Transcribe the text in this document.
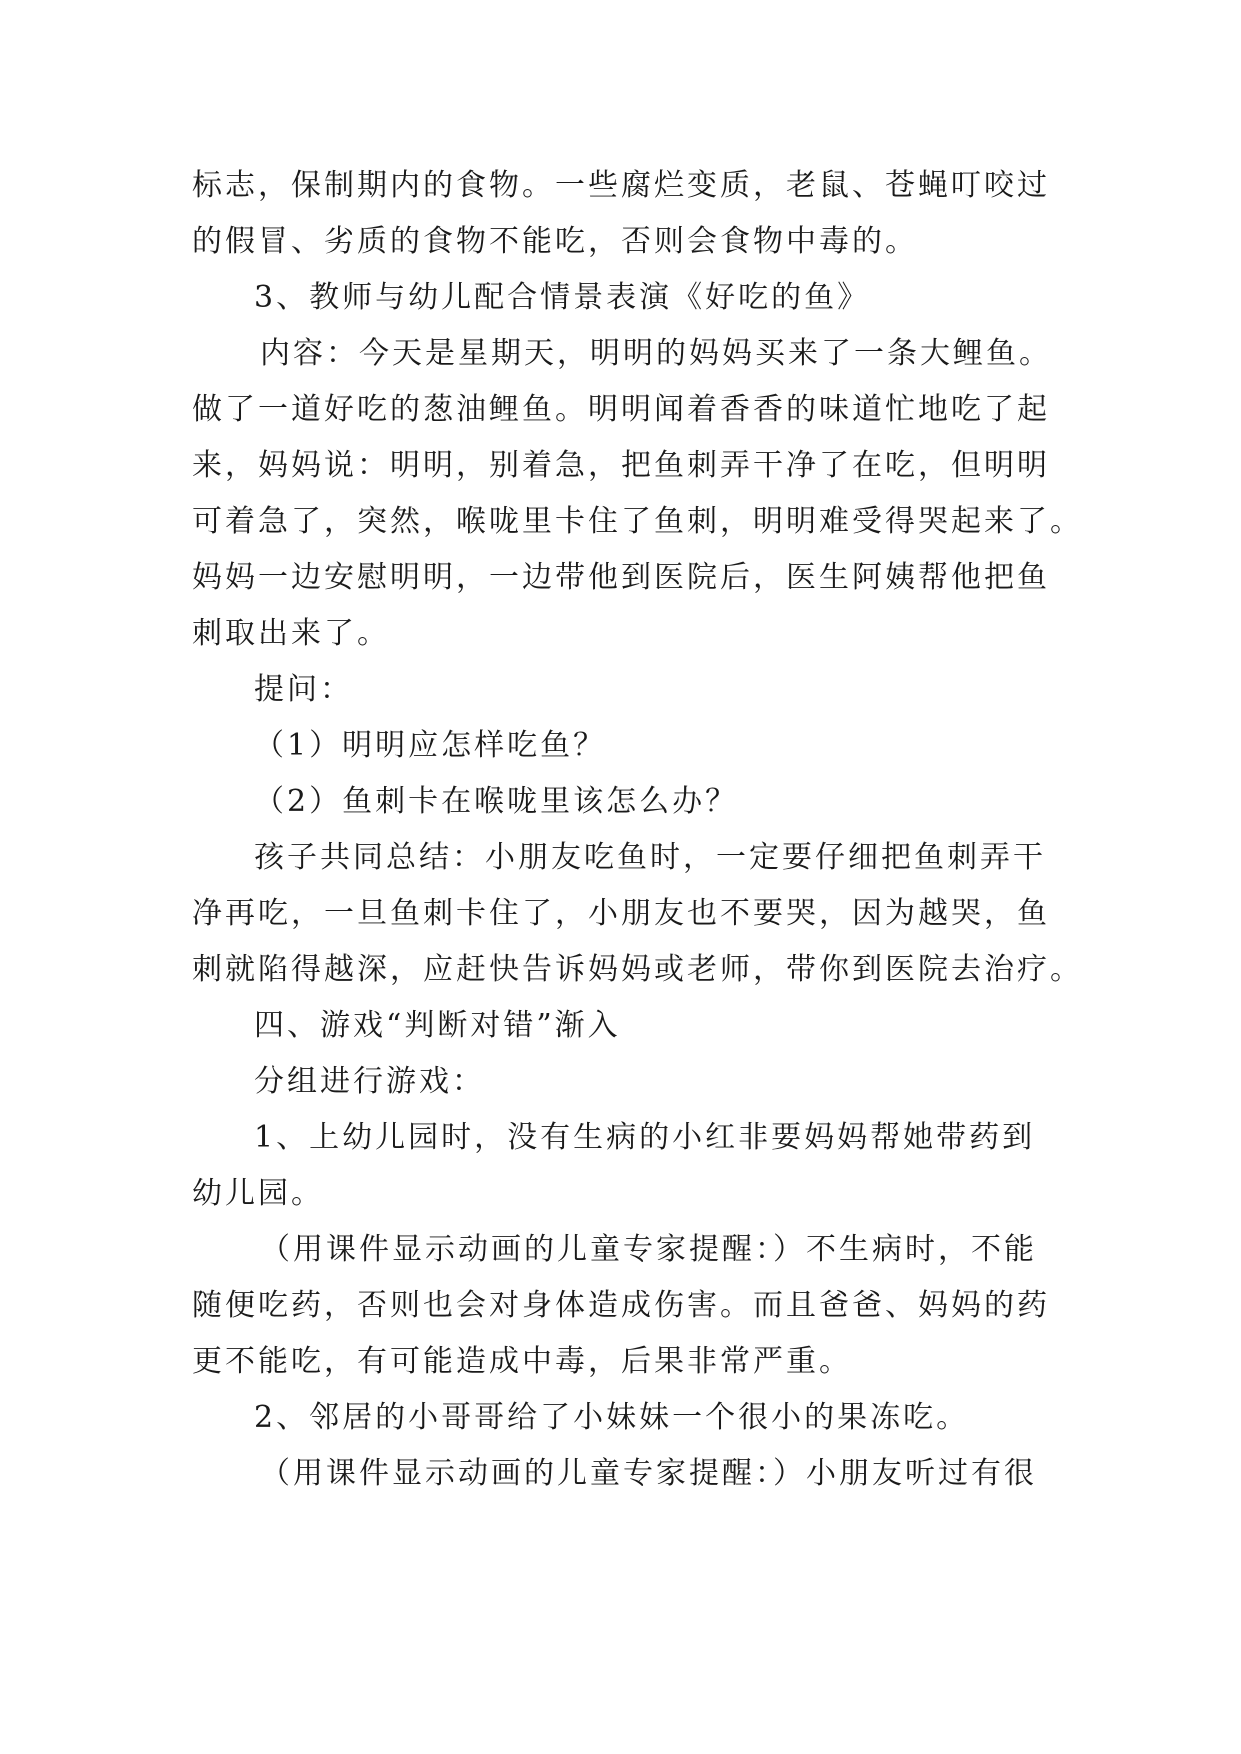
标志，保制期内的食物。一些腐烂变质，老鼠、苍蝇叮咬过
的假冒、劣质的食物不能吃，否则会食物中毒的。
3、教师与幼儿配合情景表演《好吃的鱼》
内容：今天是星期天，明明的妈妈买来了一条大鲤鱼。
做了一道好吃的葱油鲤鱼。明明闻着香香的味道忙地吃了起
来，妈妈说：明明，别着急，把鱼刺弄干净了在吃，但明明
可着急了，突然，喉咙里卡住了鱼刺，明明难受得哭起来了。
妈妈一边安慰明明，一边带他到医院后，医生阿姨帮他把鱼
刺取出来了。
提问：
（1）明明应怎样吃鱼？
（2）鱼刺卡在喉咙里该怎么办？
孩子共同总结：小朋友吃鱼时，一定要仔细把鱼刺弄干
净再吃，一旦鱼刺卡住了，小朋友也不要哭，因为越哭，鱼
刺就陷得越深，应赶快告诉妈妈或老师，带你到医院去治疗。
四、游戏“判断对错”渐入
分组进行游戏：
1、上幼儿园时，没有生病的小红非要妈妈帮她带药到
幼儿园。
（用课件显示动画的儿童专家提醒：）不生病时，不能
随便吃药，否则也会对身体造成伤害。而且爸爸、妈妈的药
更不能吃，有可能造成中毒，后果非常严重。
2、邻居的小哥哥给了小妹妹一个很小的果冻吃。
（用课件显示动画的儿童专家提醒：）小朋友听过有很
